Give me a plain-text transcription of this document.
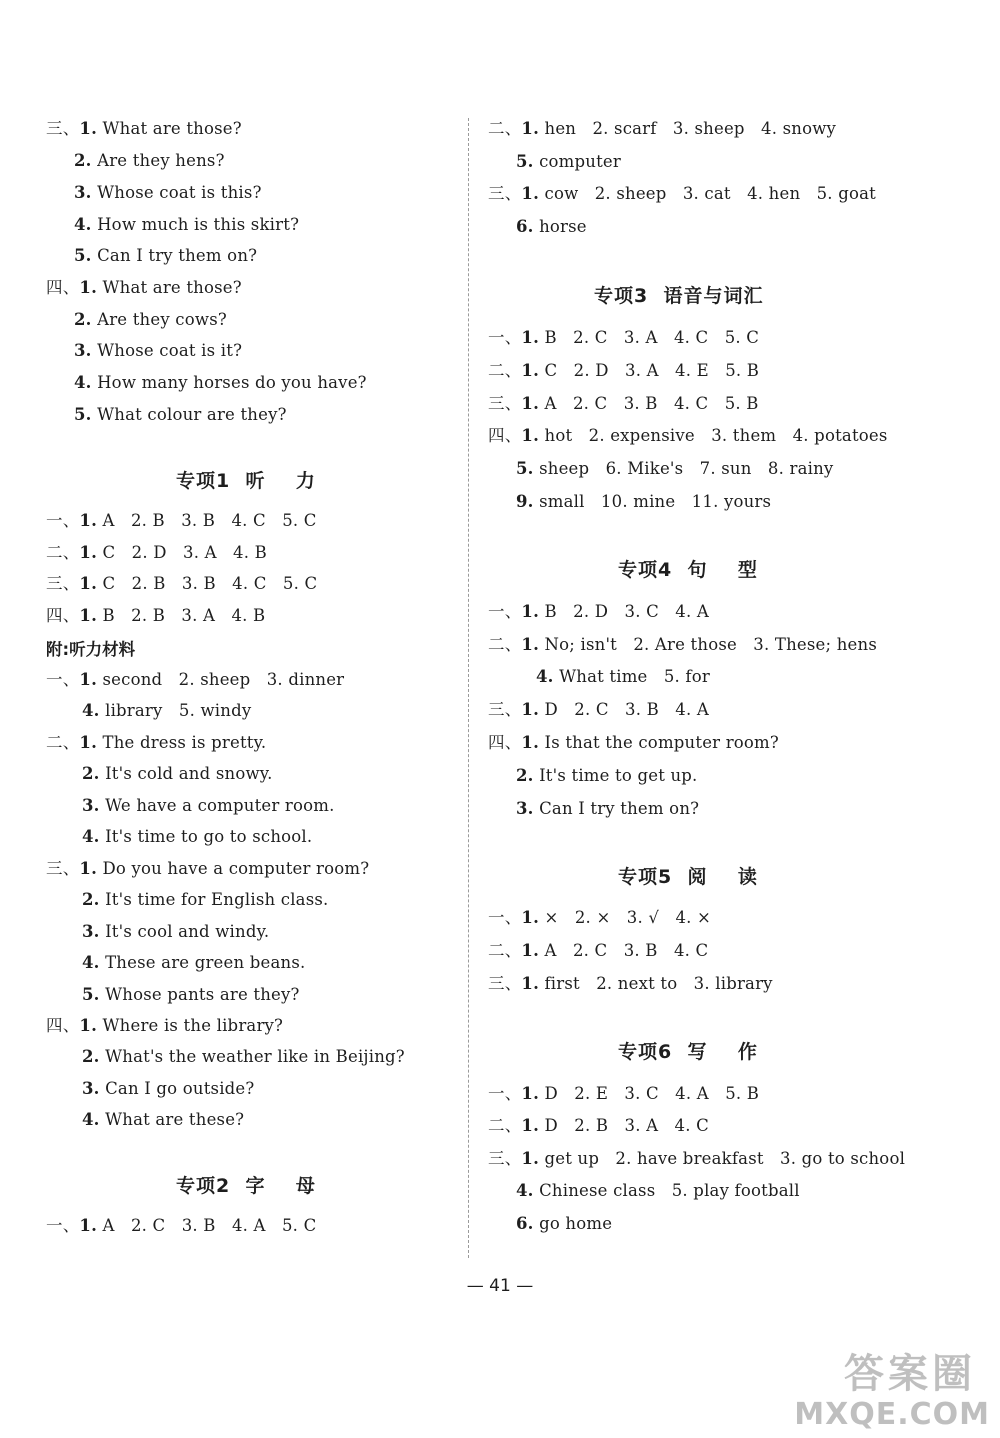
三、1. What are those?
2. Are they hens?
3. Whose coat is this?
4. How much is this skirt?
5. Can I try them on?
四、1. What are those?
2. Are they cows?
3. Whose coat is it?
4. How many horses do you have?
5. What colour are they?
专项1  听    力
一、1. A   2. B   3. B   4. C   5. C
二、1. C   2. D   3. A   4. B
三、1. C   2. B   3. B   4. C   5. C
四、1. B   2. B   3. A   4. B
附:听力材料
一、1. second   2. sheep   3. dinner
4. library   5. windy
二、1. The dress is pretty.
2. It's cold and snowy.
3. We have a computer room.
4. It's time to go to school.
三、1. Do you have a computer room?
2. It's time for English class.
3. It's cool and windy.
4. These are green beans.
5. Whose pants are they?
四、1. Where is the library?
2. What's the weather like in Beijing?
3. Can I go outside?
4. What are these?
专项2  字    母
一、1. A   2. C   3. B   4. A   5. C
二、1. hen   2. scarf   3. sheep   4. snowy
5. computer
三、1. cow   2. sheep   3. cat   4. hen   5. goat
6. horse
专项3  语音与词汇
一、1. B   2. C   3. A   4. C   5. C
二、1. C   2. D   3. A   4. E   5. B
三、1. A   2. C   3. B   4. C   5. B
四、1. hot   2. expensive   3. them   4. potatoes
5. sheep   6. Mike's   7. sun   8. rainy
9. small   10. mine   11. yours
专项4  句    型
一、1. B   2. D   3. C   4. A
二、1. No; isn't   2. Are those   3. These; hens
4. What time   5. for
三、1. D   2. C   3. B   4. A
四、1. Is that the computer room?
2. It's time to get up.
3. Can I try them on?
专项5  阅    读
一、1. ×   2. ×   3. √   4. ×
二、1. A   2. C   3. B   4. C
三、1. first   2. next to   3. library
专项6  写    作
一、1. D   2. E   3. C   4. A   5. B
二、1. D   2. B   3. A   4. C
三、1. get up   2. have breakfast   3. go to school
4. Chinese class   5. play football
6. go home
— 41 —
答案圈
MXQE.COM
